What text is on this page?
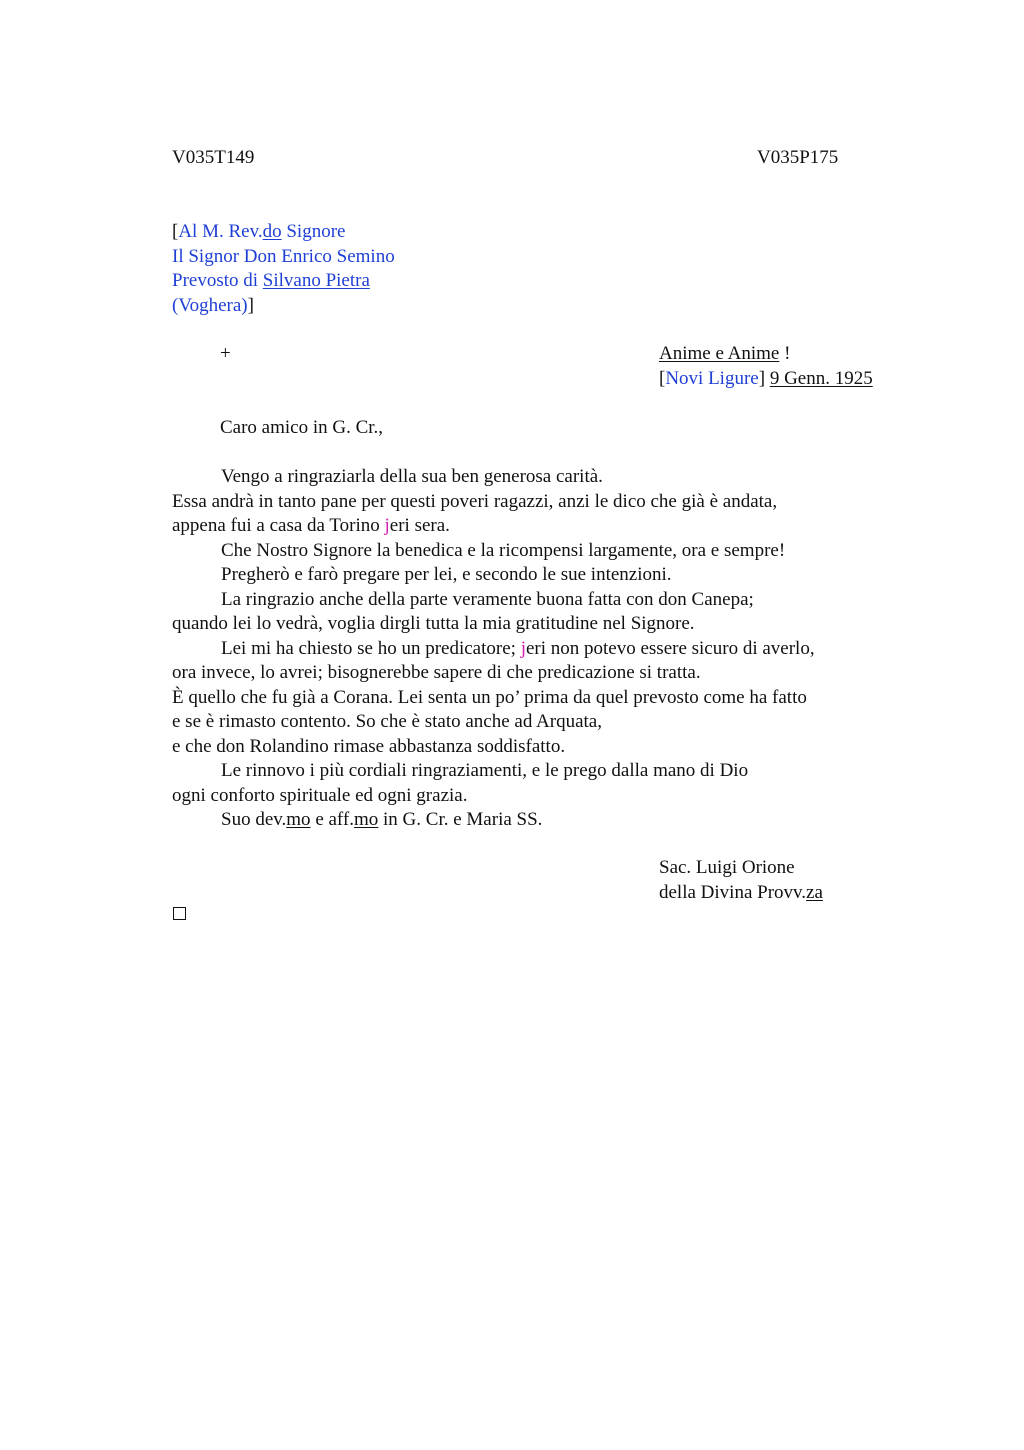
V035T149	V035P175
[Al M. Rev.do Signore
Il Signor Don Enrico Semino
Prevosto di Silvano Pietra
(Voghera)]
+	Anime e Anime !
[Novi Ligure] 9 Genn. 1925
Caro amico in G. Cr.,
Vengo a ringraziarla della sua ben generosa carità.
Essa andrà in tanto pane per questi poveri ragazzi, anzi le dico che già è andata,
appena fui a casa da Torino jeri sera.
Che Nostro Signore la benedica e la ricompensi largamente, ora e sempre!
Pregherò e farò pregare per lei, e secondo le sue intenzioni.
La ringrazio anche della parte veramente buona fatta con don Canepa;
quando lei lo vedrà, voglia dirgli tutta la mia gratitudine nel Signore.
Lei mi ha chiesto se ho un predicatore; jeri non potevo essere sicuro di averlo,
ora invece, lo avrei; bisognerebbe sapere di che predicazione si tratta.
È quello che fu già a Corana. Lei senta un po’ prima da quel prevosto come ha fatto
e se è rimasto contento. So che è stato anche ad Arquata,
e che don Rolandino rimase abbastanza soddisfatto.
Le rinnovo i più cordiali ringraziamenti, e le prego dalla mano di Dio
ogni conforto spirituale ed ogni grazia.
Suo dev.mo e aff.mo in G. Cr. e Maria SS.
Sac. Luigi Orione
della Divina Provv.za
